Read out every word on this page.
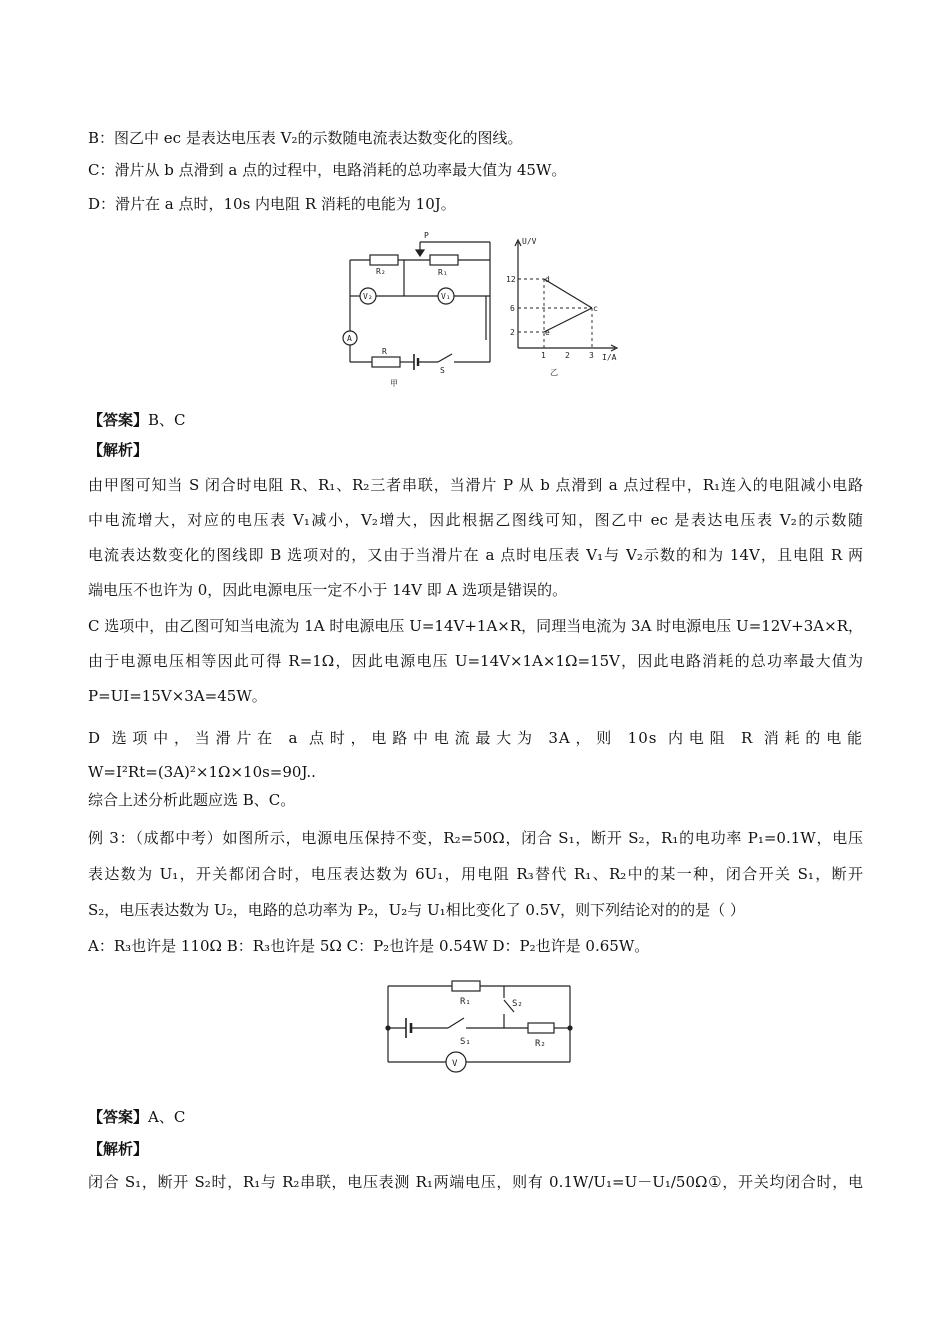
B：图乙中 ec 是表达电压表 V₂的示数随电流表达数变化的图线。
C：滑片从 b 点滑到 a 点的过程中，电路消耗的总功率最大值为 45W。
D：滑片在 a 点时，10s 内电阻 R 消耗的电能为 10J。
R₂
P
R₁
V₂	V₁
A
R
S
甲
U/V
I/A
12
6
2
1 2 3
d
c
e
乙
【答案】B、C
【解析】
由甲图可知当 S 闭合时电阻 R、R₁、R₂三者串联，当滑片 P 从 b 点滑到 a 点过程中，R₁连入的电阻减小电路
中电流增大，对应的电压表 V₁减小，V₂增大，因此根据乙图线可知，图乙中 ec 是表达电压表 V₂的示数随
电流表达数变化的图线即 B 选项对的，又由于当滑片在 a 点时电压表 V₁与 V₂示数的和为 14V，且电阻 R 两
端电压不也许为 0，因此电源电压一定不小于 14V 即 A 选项是错误的。
C 选项中，由乙图可知当电流为 1A 时电源电压 U=14V+1A×R，同理当电流为 3A 时电源电压 U=12V+3A×R，
由于电源电压相等因此可得 R=1Ω，因此电源电压 U=14V×1A×1Ω=15V，因此电路消耗的总功率最大值为
P=UI=15V×3A=45W。
D 选项中，当滑片在 a 点时，电路中电流最大为 3A，则 10s 内电阻 R 消耗的电能
W=I²Rt=(3A)²×1Ω×10s=90J..
综合上述分析此题应选 B、C。
例 3：（成都中考）如图所示，电源电压保持不变，R₂=50Ω，闭合 S₁，断开 S₂，R₁的电功率 P₁=0.1W，电压
表达数为 U₁，开关都闭合时，电压表达数为 6U₁，用电阻 R₃替代 R₁、R₂中的某一种，闭合开关 S₁，断开
S₂，电压表达数为 U₂，电路的总功率为 P₂，U₂与 U₁相比变化了 0.5V，则下列结论对的的是（ ）
A：R₃也许是 110Ω B：R₃也许是 5Ω C：P₂也许是 0.54W D：P₂也许是 0.65W。
R₁	S₂
S₁	R₂
V
【答案】A、C
【解析】
闭合 S₁，断开 S₂时，R₁与 R₂串联，电压表测 R₁两端电压，则有 0.1W/U₁=U－U₁/50Ω①，开关均闭合时，电
